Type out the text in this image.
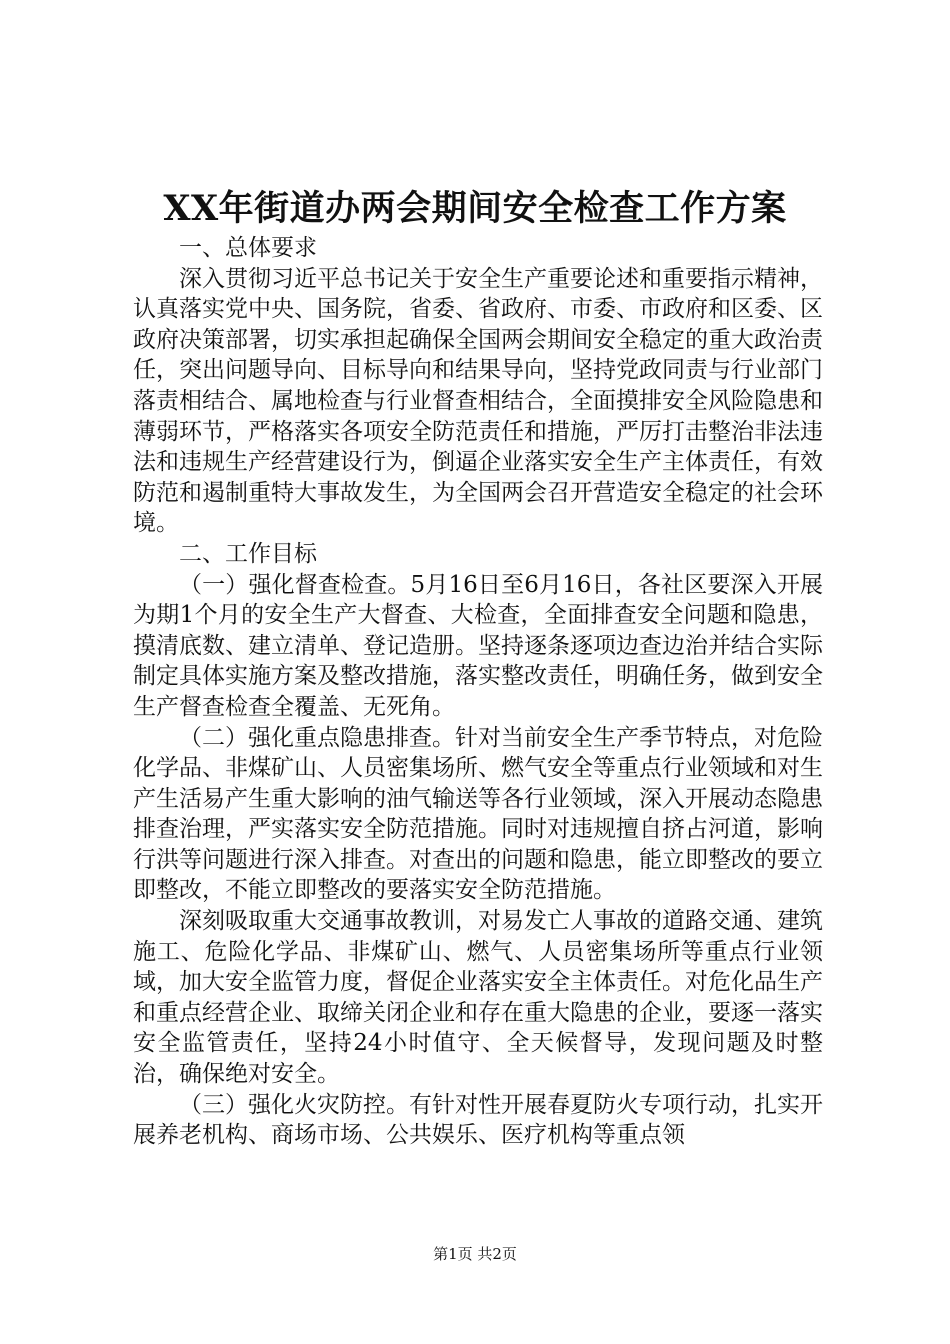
XX年街道办两会期间安全检查工作方案

一、总体要求

深入贯彻习近平总书记关于安全生产重要论述和重要指示精神，认真落实党中央、国务院，省委、省政府、市委、市政府和区委、区政府决策部署，切实承担起确保全国两会期间安全稳定的重大政治责任，突出问题导向、目标导向和结果导向，坚持党政同责与行业部门落责相结合、属地检查与行业督查相结合，全面摸排安全风险隐患和薄弱环节，严格落实各项安全防范责任和措施，严厉打击整治非法违法和违规生产经营建设行为，倒逼企业落实安全生产主体责任，有效防范和遏制重特大事故发生，为全国两会召开营造安全稳定的社会环境。

二、工作目标

（一）强化督查检查。5月16日至6月16日，各社区要深入开展为期1个月的安全生产大督查、大检查，全面排查安全问题和隐患，摸清底数、建立清单、登记造册。坚持逐条逐项边查边治并结合实际制定具体实施方案及整改措施，落实整改责任，明确任务，做到安全生产督查检查全覆盖、无死角。

（二）强化重点隐患排查。针对当前安全生产季节特点，对危险化学品、非煤矿山、人员密集场所、燃气安全等重点行业领域和对生产生活易产生重大影响的油气输送等各行业领域，深入开展动态隐患排查治理，严实落实安全防范措施。同时对违规擅自挤占河道，影响行洪等问题进行深入排查。对查出的问题和隐患，能立即整改的要立即整改，不能立即整改的要落实安全防范措施。

深刻吸取重大交通事故教训，对易发亡人事故的道路交通、建筑施工、危险化学品、非煤矿山、燃气、人员密集场所等重点行业领域，加大安全监管力度，督促企业落实安全主体责任。对危化品生产和重点经营企业、取缔关闭企业和存在重大隐患的企业，要逐一落实安全监管责任，坚持24小时值守、全天候督导，发现问题及时整治，确保绝对安全。

（三）强化火灾防控。有针对性开展春夏防火专项行动，扎实开展养老机构、商场市场、公共娱乐、医疗机构等重点领

第1页 共2页
